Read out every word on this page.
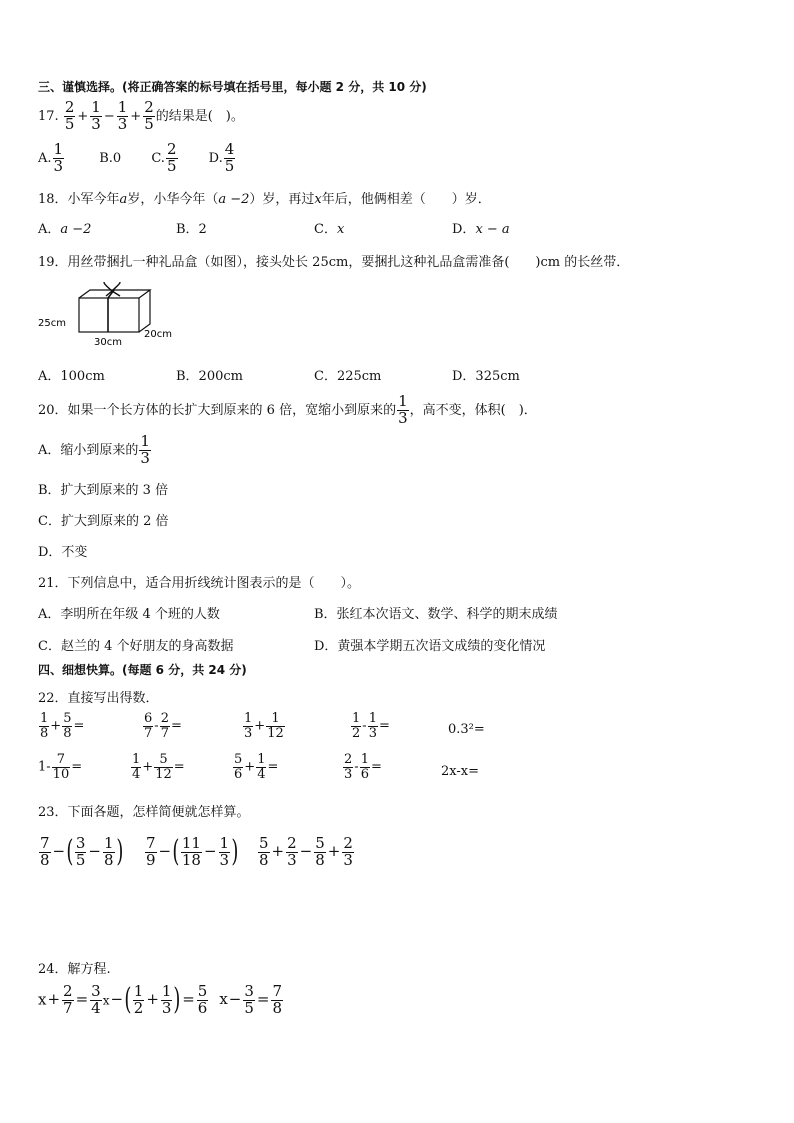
三、谨慎选择。(将正确答案的标号填在括号里，每小题 2 分，共 10 分)
17. $\frac{2}{5} + \frac{1}{3} - \frac{1}{3} + \frac{2}{5}$ 的结果是(　)。
A. $\frac{1}{3}$	B.0 C. $\frac{2}{5} D$. $\frac{4}{5}$
18．小军今年a岁，小华今年（a −2）岁，再过x年后，他俩相差（　　）岁．
A．a −2	B．2	C．x	D．x − a
19．用丝带捆扎一种礼品盒（如图），接头处长 25cm，要捆扎这种礼品盒需准备(　　)cm 的长丝带．
25cm
30cm
20cm
A．100cm	B．200cm	C．225cm	D．325cm
20．如果一个长方体的长扩大到原来的 6 倍，宽缩小到原来的 $\frac{1}{3}$ ，高不变，体积(　)．
A．缩小到原来的 $\frac{1}{3}$
B．扩大到原来的 3 倍
C．扩大到原来的 2 倍
D．不变
21．下列信息中，适合用折线统计图表示的是（　　）。
A．李明所在年级 4 个班的人数	B．张红本次语文、数学、科学的期末成绩
C．赵兰的 4 个好朋友的身高数据	D．黄强本学期五次语文成绩的变化情况
四、细想快算。(每题 6 分，共 24 分)
22．直接写出得数．
$\frac{1}{8} + \frac{5}{8}$ =	$\frac{6}{7} - \frac{2}{7}$ =	$\frac{1}{3} + \frac{1}{12}$	$\frac{1}{2} - \frac{1}{3}$ =	0.3²=
$1- \frac{7}{10}$ =	$\frac{1}{4} + \frac{5}{12}$ =	$\frac{5}{6} + \frac{1}{4}$ =	$\frac{2}{3} - \frac{1}{6}$ =	2x-x=
23．下面各题，怎样简便就怎样算。
$\frac{7}{8}$ −( $\frac{3}{5} - \frac{1}{8}$ ) $\frac{7}{9}$ −( $\frac{11}{18} - \frac{1}{3}$ ) $\frac{5}{8} + \frac{2}{3} - \frac{5}{8} + \frac{2}{3}$
24．解方程.
$x+ \frac{2}{7} = \frac{3}{4} x-( \frac{1}{2} + \frac{1}{3}$ )= $\frac{5}{6} x- \frac{3}{5} = \frac{7}{8}$
